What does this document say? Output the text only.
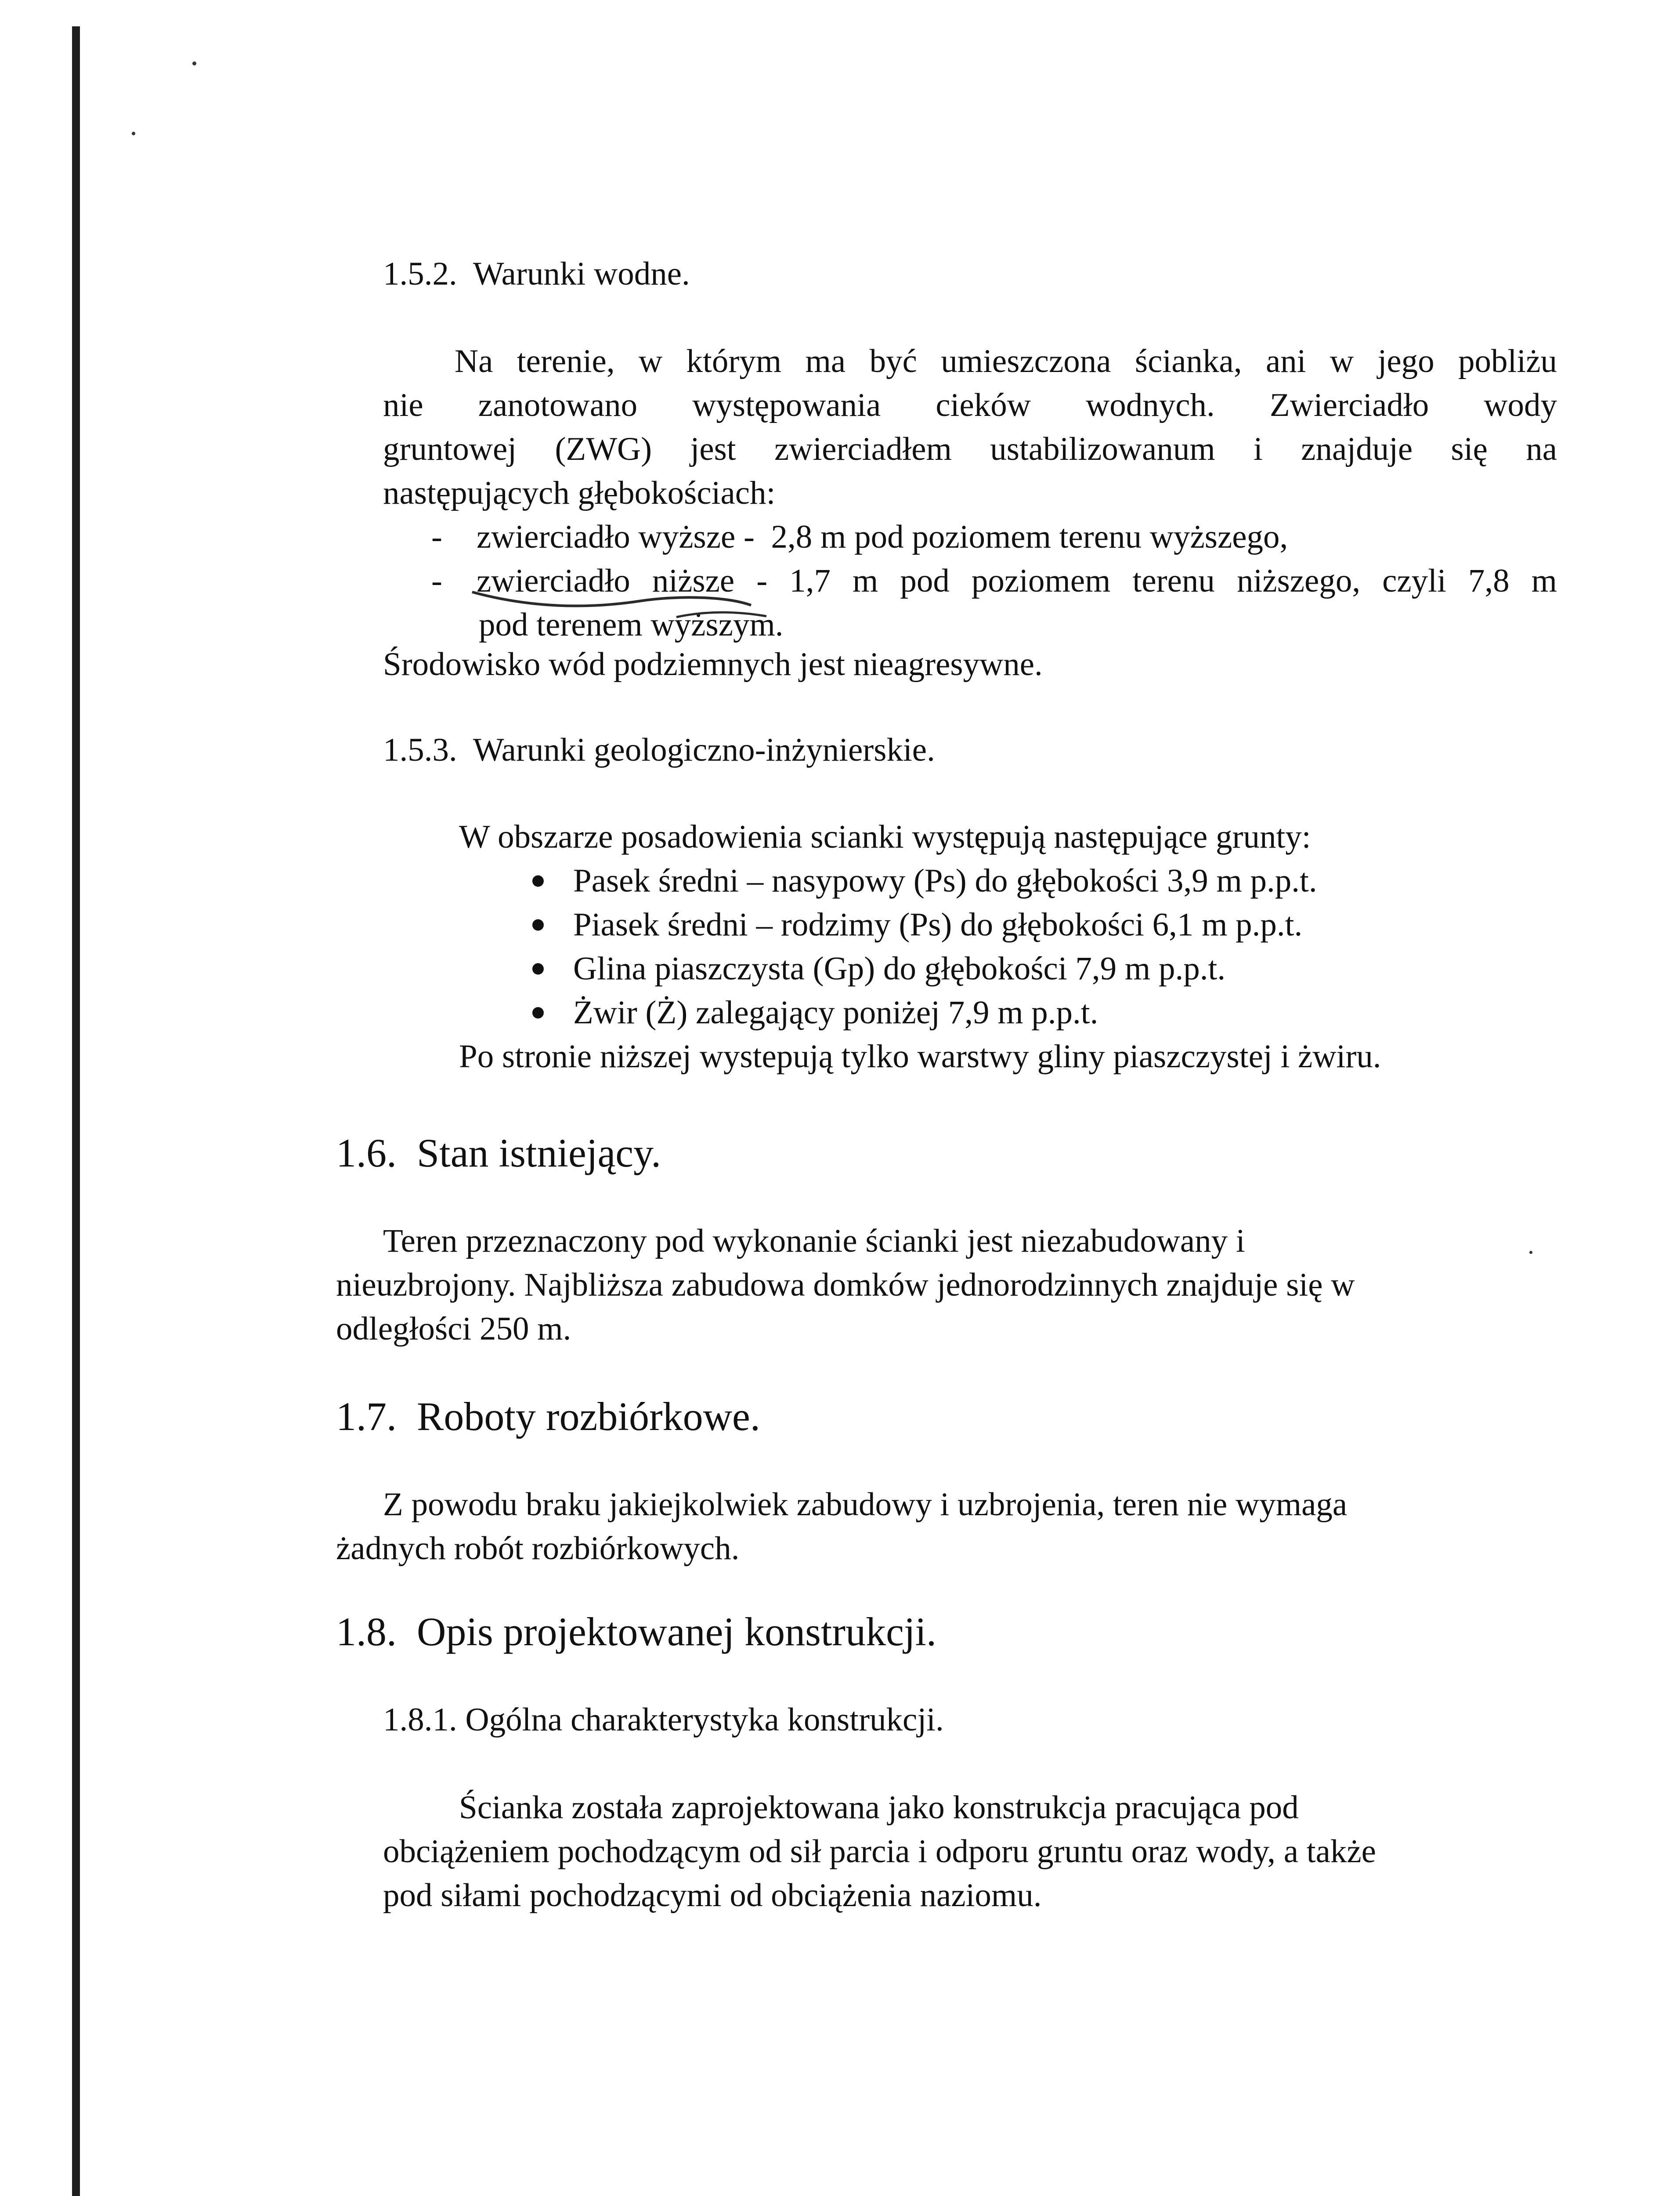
1.5.2.  Warunki wodne.

Na terenie, w którym ma być umieszczona ścianka, ani w jego pobliżu

nie zanotowano występowania cieków wodnych. Zwierciadło wody

gruntowej (ZWG) jest zwierciadłem ustabilizowanum i znajduje się na

następujących głębokościach:

- zwierciadło wyższe -  2,8 m pod poziomem terenu wyższego,

- zwierciadło niższe - 1,7 m pod poziomem terenu niższego, czyli 7,8 m

pod terenem wyższym.

Środowisko wód podziemnych jest nieagresywne.

1.5.3.  Warunki geologiczno-inżynierskie.

W obszarze posadowienia scianki występują następujące grunty:

Pasek średni – nasypowy (Ps) do głębokości 3,9 m p.p.t.

Piasek średni – rodzimy (Ps) do głębokości 6,1 m p.p.t.

Glina piaszczysta (Gp) do głębokości 7,9 m p.p.t.

Żwir (Ż) zalegający poniżej 7,9 m p.p.t.

Po stronie niższej wystepują tylko warstwy gliny piaszczystej i żwiru.

1.6.  Stan istniejący.

Teren przeznaczony pod wykonanie ścianki jest niezabudowany i

nieuzbrojony. Najbliższa zabudowa domków jednorodzinnych znajduje się w

odległości 250 m.

1.7.  Roboty rozbiórkowe.

Z powodu braku jakiejkolwiek zabudowy i uzbrojenia, teren nie wymaga

żadnych robót rozbiórkowych.

1.8.  Opis projektowanej konstrukcji.

1.8.1. Ogólna charakterystyka konstrukcji.

Ścianka została zaprojektowana jako konstrukcja pracująca pod

obciążeniem pochodzącym od sił parcia i odporu gruntu oraz wody, a także

pod siłami pochodzącymi od obciążenia naziomu.
